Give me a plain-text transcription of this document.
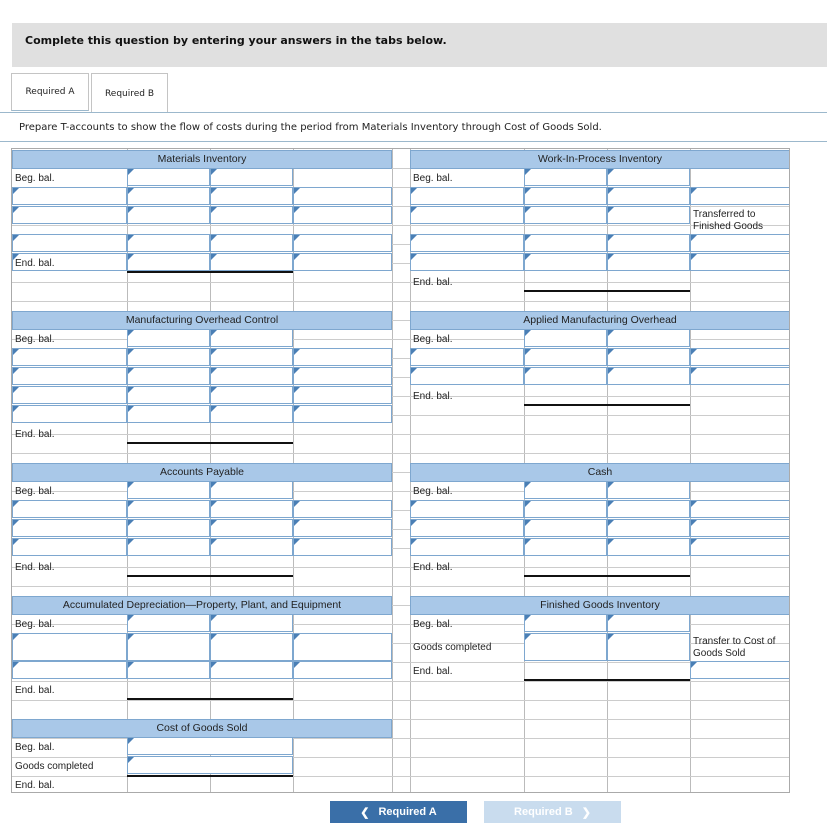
Complete this question by entering your answers in the tabs below.
Required A	Required B
Prepare T-accounts to show the flow of costs during the period from Materials Inventory through Cost of Goods Sold.
Materials Inventory
Beg. bal.
End. bal.
Work-In-Process Inventory
Beg. bal.
Transferred to Finished Goods
End. bal.
Manufacturing Overhead Control
Beg. bal.
End. bal.
Applied Manufacturing Overhead
Beg. bal.
End. bal.
Accounts Payable
Beg. bal.
End. bal.
Cash
Beg. bal.
End. bal.
Accumulated Depreciation—Property, Plant, and Equipment
Beg. bal.
End. bal.
Finished Goods Inventory
Beg. bal.
Goods completed
Transfer to Cost of Goods Sold
End. bal.
Cost of Goods Sold
Beg. bal.
Goods completed
End. bal.
❮ Required A	Required B ❯
